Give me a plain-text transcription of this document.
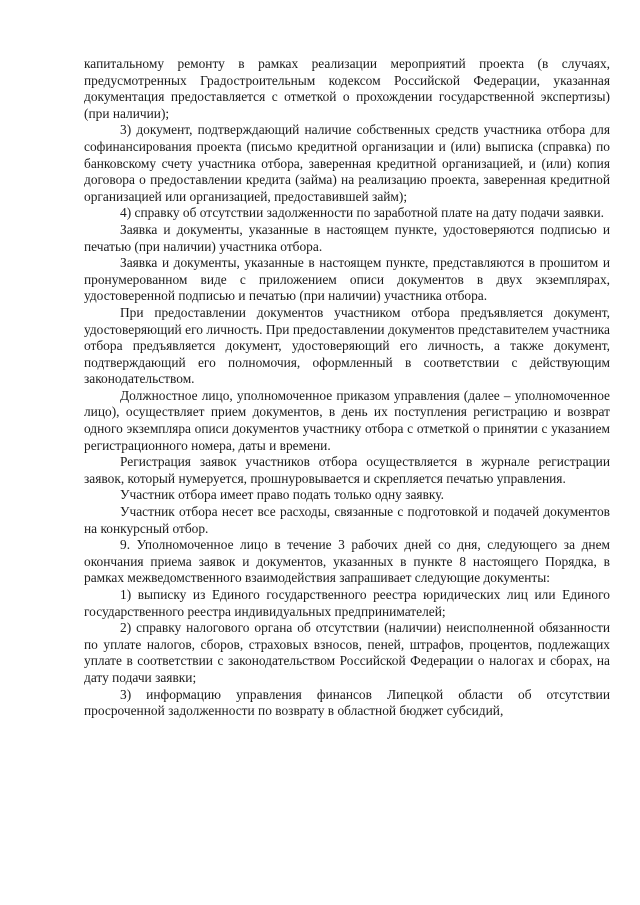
капитальному ремонту в рамках реализации мероприятий проекта (в случаях, предусмотренных Градостроительным кодексом Российской Федерации, указанная документация предоставляется с отметкой о прохождении государственной экспертизы) (при наличии);

3) документ, подтверждающий наличие собственных средств участника отбора для софинансирования проекта (письмо кредитной организации и (или) выписка (справка) по банковскому счету участника отбора, заверенная кредитной организацией, и (или) копия договора о предоставлении кредита (займа) на реализацию проекта, заверенная кредитной организацией или организацией, предоставившей займ);

4) справку об отсутствии задолженности по заработной плате на дату подачи заявки.

Заявка и документы, указанные в настоящем пункте, удостоверяются подписью и печатью (при наличии) участника отбора.

Заявка и документы, указанные в настоящем пункте, представляются в прошитом и пронумерованном виде с приложением описи документов в двух экземплярах, удостоверенной подписью и печатью (при наличии) участника отбора.

При предоставлении документов участником отбора предъявляется документ, удостоверяющий его личность. При предоставлении документов представителем участника отбора предъявляется документ, удостоверяющий его личность, а также документ, подтверждающий его полномочия, оформленный в соответствии с действующим законодательством.

Должностное лицо, уполномоченное приказом управления (далее – уполномоченное лицо), осуществляет прием документов, в день их поступления регистрацию и возврат одного экземпляра описи документов участнику отбора с отметкой о принятии с указанием регистрационного номера, даты и времени.

Регистрация заявок участников отбора осуществляется в журнале регистрации заявок, который нумеруется, прошнуровывается и скрепляется печатью управления.

Участник отбора имеет право подать только одну заявку.

Участник отбора несет все расходы, связанные с подготовкой и подачей документов на конкурсный отбор.

9. Уполномоченное лицо в течение 3 рабочих дней со дня, следующего за днем окончания приема заявок и документов, указанных в пункте 8 настоящего Порядка, в рамках межведомственного взаимодействия запрашивает следующие документы:

1) выписку из Единого государственного реестра юридических лиц или Единого государственного реестра индивидуальных предпринимателей;

2) справку налогового органа об отсутствии (наличии) неисполненной обязанности по уплате налогов, сборов, страховых взносов, пеней, штрафов, процентов, подлежащих уплате в соответствии с законодательством Российской Федерации о налогах и сборах, на дату подачи заявки;

3) информацию управления финансов Липецкой области об отсутствии просроченной задолженности по возврату в областной бюджет субсидий,
